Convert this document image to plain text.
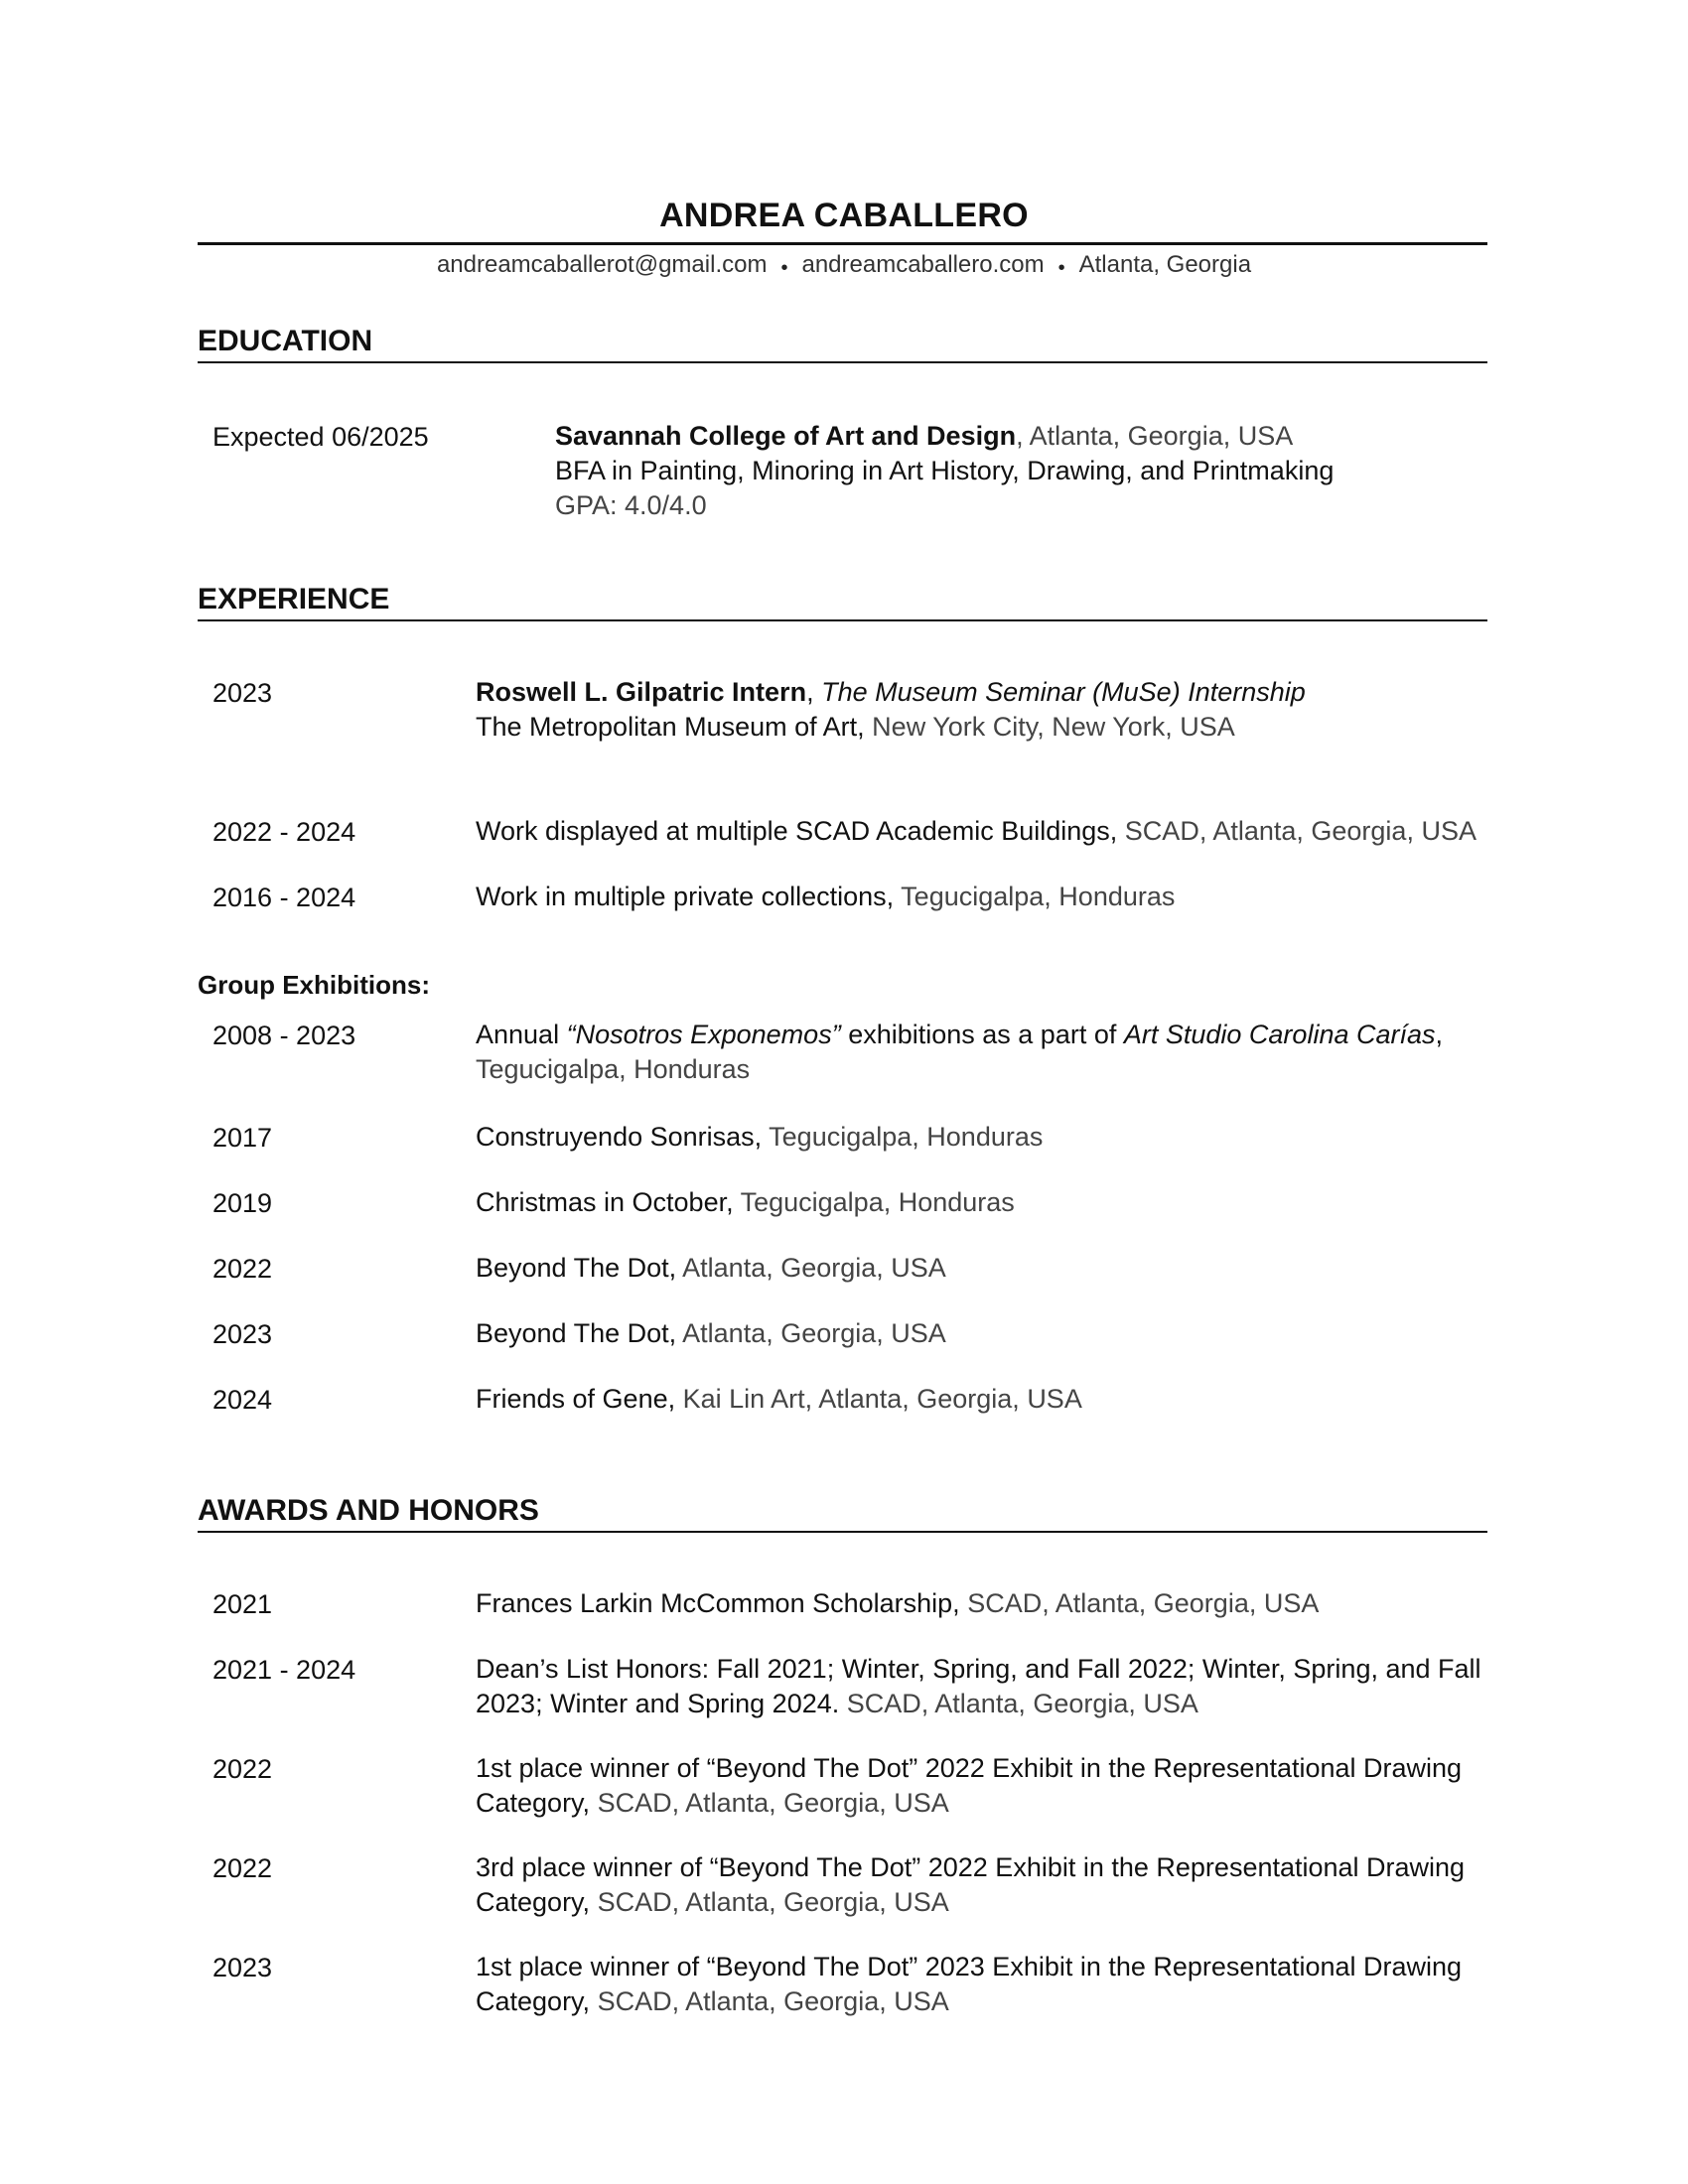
ANDREA CABALLERO
andreamcaballerot@gmail.com • andreamcaballero.com • Atlanta, Georgia
EDUCATION
Expected 06/2025	Savannah College of Art and Design, Atlanta, Georgia, USA
BFA in Painting, Minoring in Art History, Drawing, and Printmaking
GPA: 4.0/4.0
EXPERIENCE
2023	Roswell L. Gilpatric Intern, The Museum Seminar (MuSe) Internship
The Metropolitan Museum of Art, New York City, New York, USA
2022 - 2024	Work displayed at multiple SCAD Academic Buildings, SCAD, Atlanta, Georgia, USA
2016 - 2024	Work in multiple private collections, Tegucigalpa, Honduras
Group Exhibitions:
2008 - 2023	Annual “Nosotros Exponemos” exhibitions as a part of Art Studio Carolina Carías,
Tegucigalpa, Honduras
2017	Construyendo Sonrisas, Tegucigalpa, Honduras
2019	Christmas in October, Tegucigalpa, Honduras
2022	Beyond The Dot, Atlanta, Georgia, USA
2023	Beyond The Dot, Atlanta, Georgia, USA
2024	Friends of Gene, Kai Lin Art, Atlanta, Georgia, USA
AWARDS AND HONORS
2021	Frances Larkin McCommon Scholarship, SCAD, Atlanta, Georgia, USA
2021 - 2024	Dean’s List Honors: Fall 2021; Winter, Spring, and Fall 2022; Winter, Spring, and Fall
2023; Winter and Spring 2024. SCAD, Atlanta, Georgia, USA
2022	1st place winner of “Beyond The Dot” 2022 Exhibit in the Representational Drawing
Category, SCAD, Atlanta, Georgia, USA
2022	3rd place winner of “Beyond The Dot” 2022 Exhibit in the Representational Drawing
Category, SCAD, Atlanta, Georgia, USA
2023	1st place winner of “Beyond The Dot” 2023 Exhibit in the Representational Drawing
Category, SCAD, Atlanta, Georgia, USA
